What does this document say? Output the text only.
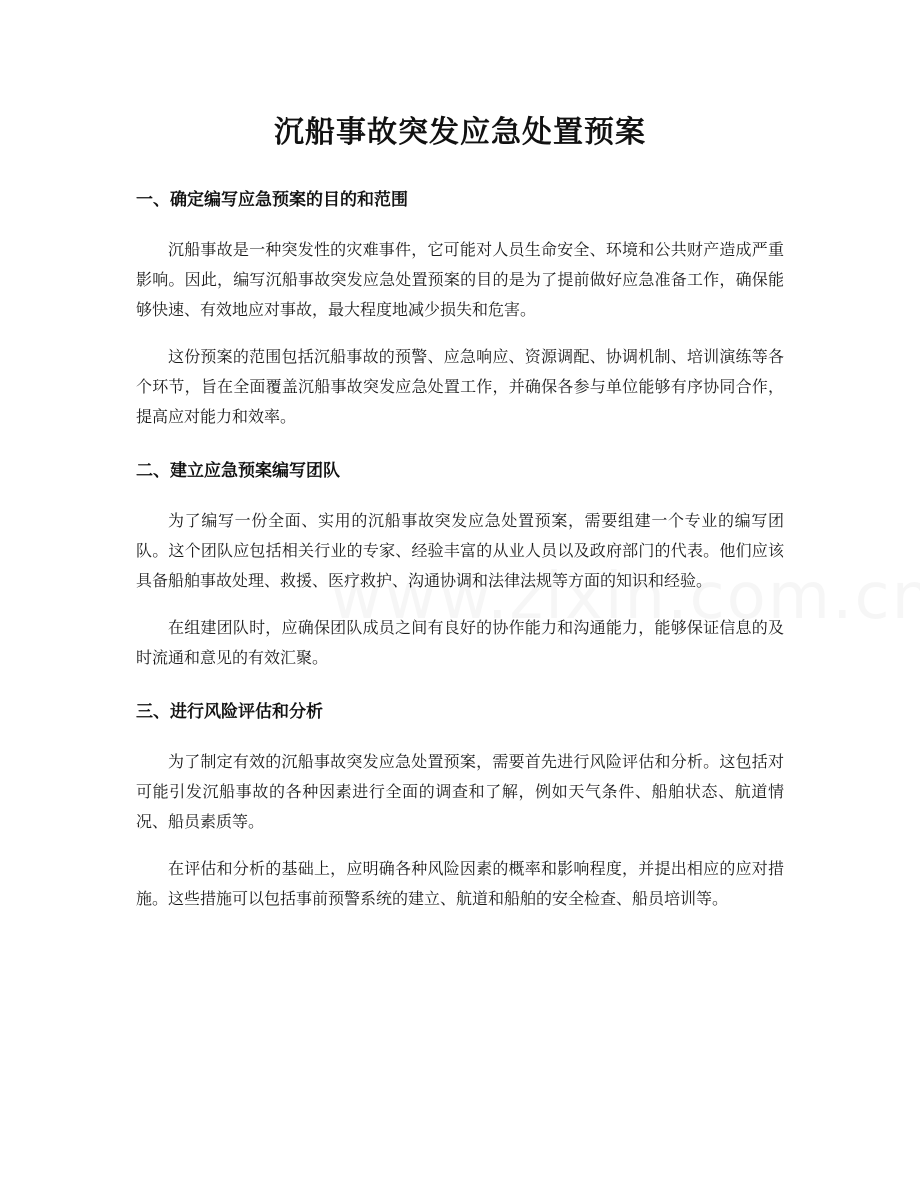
沉船事故突发应急处置预案
一、确定编写应急预案的目的和范围

沉船事故是一种突发性的灾难事件，它可能对人员生命安全、环境和公共财产造成严重影响。因此，编写沉船事故突发应急处置预案的目的是为了提前做好应急准备工作，确保能够快速、有效地应对事故，最大程度地减少损失和危害。

这份预案的范围包括沉船事故的预警、应急响应、资源调配、协调机制、培训演练等各个环节，旨在全面覆盖沉船事故突发应急处置工作，并确保各参与单位能够有序协同合作，提高应对能力和效率。

二、建立应急预案编写团队

为了编写一份全面、实用的沉船事故突发应急处置预案，需要组建一个专业的编写团队。这个团队应包括相关行业的专家、经验丰富的从业人员以及政府部门的代表。他们应该具备船舶事故处理、救援、医疗救护、沟通协调和法律法规等方面的知识和经验。

在组建团队时，应确保团队成员之间有良好的协作能力和沟通能力，能够保证信息的及时流通和意见的有效汇聚。

三、进行风险评估和分析

为了制定有效的沉船事故突发应急处置预案，需要首先进行风险评估和分析。这包括对可能引发沉船事故的各种因素进行全面的调查和了解，例如天气条件、船舶状态、航道情况、船员素质等。

在评估和分析的基础上，应明确各种风险因素的概率和影响程度，并提出相应的应对措施。这些措施可以包括事前预警系统的建立、航道和船舶的安全检查、船员培训等。
